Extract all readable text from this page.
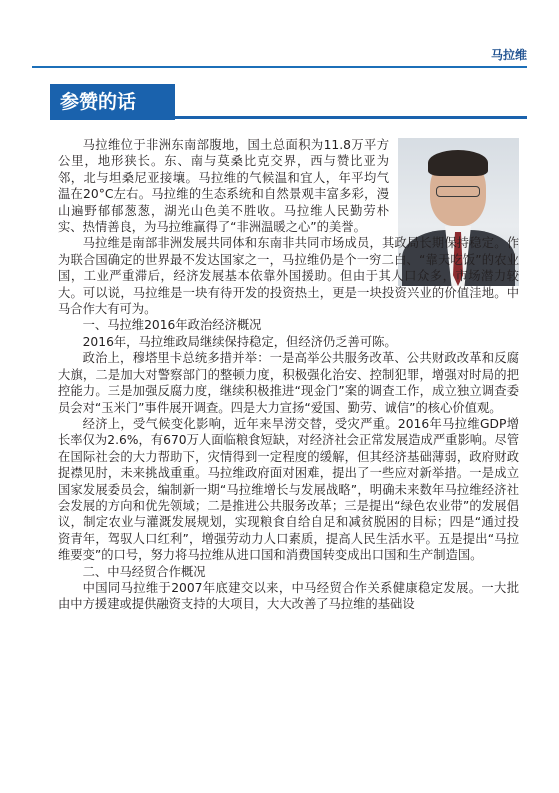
马拉维
参赞的话

马拉维位于非洲东南部腹地，国土总面积为11.8万平方公里，地形狭长。东、南与莫桑比克交界，西与赞比亚为邻，北与坦桑尼亚接壤。马拉维的气候温和宜人，年平均气温在20°C左右。马拉维的生态系统和自然景观丰富多彩，漫山遍野郁郁葱葱，湖光山色美不胜收。马拉维人民勤劳朴实、热情善良，为马拉维赢得了“非洲温暖之心”的美誉。

马拉维是南部非洲发展共同体和东南非共同市场成员，其政局长期保持稳定。作为联合国确定的世界最不发达国家之一，马拉维仍是个一穷二白、“靠天吃饭”的农业国，工业严重滞后，经济发展基本依靠外国援助。但由于其人口众多，市场潜力较大。可以说，马拉维是一块有待开发的投资热土，更是一块投资兴业的价值洼地。中马合作大有可为。

一、马拉维2016年政治经济概况

2016年，马拉维政局继续保持稳定，但经济仍乏善可陈。

政治上，穆塔里卡总统多措并举：一是高举公共服务改革、公共财政改革和反腐大旗，二是加大对警察部门的整顿力度，积极强化治安、控制犯罪，增强对时局的把控能力。三是加强反腐力度，继续积极推进“现金门”案的调查工作，成立独立调查委员会对“玉米门”事件展开调查。四是大力宣扬“爱国、勤劳、诚信”的核心价值观。

经济上，受气候变化影响，近年来旱涝交替，受灾严重。2016年马拉维GDP增长率仅为2.6%，有670万人面临粮食短缺，对经济社会正常发展造成严重影响。尽管在国际社会的大力帮助下，灾情得到一定程度的缓解，但其经济基础薄弱，政府财政捉襟见肘，未来挑战重重。马拉维政府面对困难，提出了一些应对新举措。一是成立国家发展委员会，编制新一期“马拉维增长与发展战略”，明确未来数年马拉维经济社会发展的方向和优先领域；二是推进公共服务改革；三是提出“绿色农业带”的发展倡议，制定农业与灌溉发展规划，实现粮食自给自足和减贫脱困的目标；四是“通过投资青年，驾驭人口红利”，增强劳动力人口素质，提高人民生活水平。五是提出“马拉维要变”的口号，努力将马拉维从进口国和消费国转变成出口国和生产制造国。

二、中马经贸合作概况

中国同马拉维于2007年底建交以来，中马经贸合作关系健康稳定发展。一大批由中方援建或提供融资支持的大项目，大大改善了马拉维的基础设
